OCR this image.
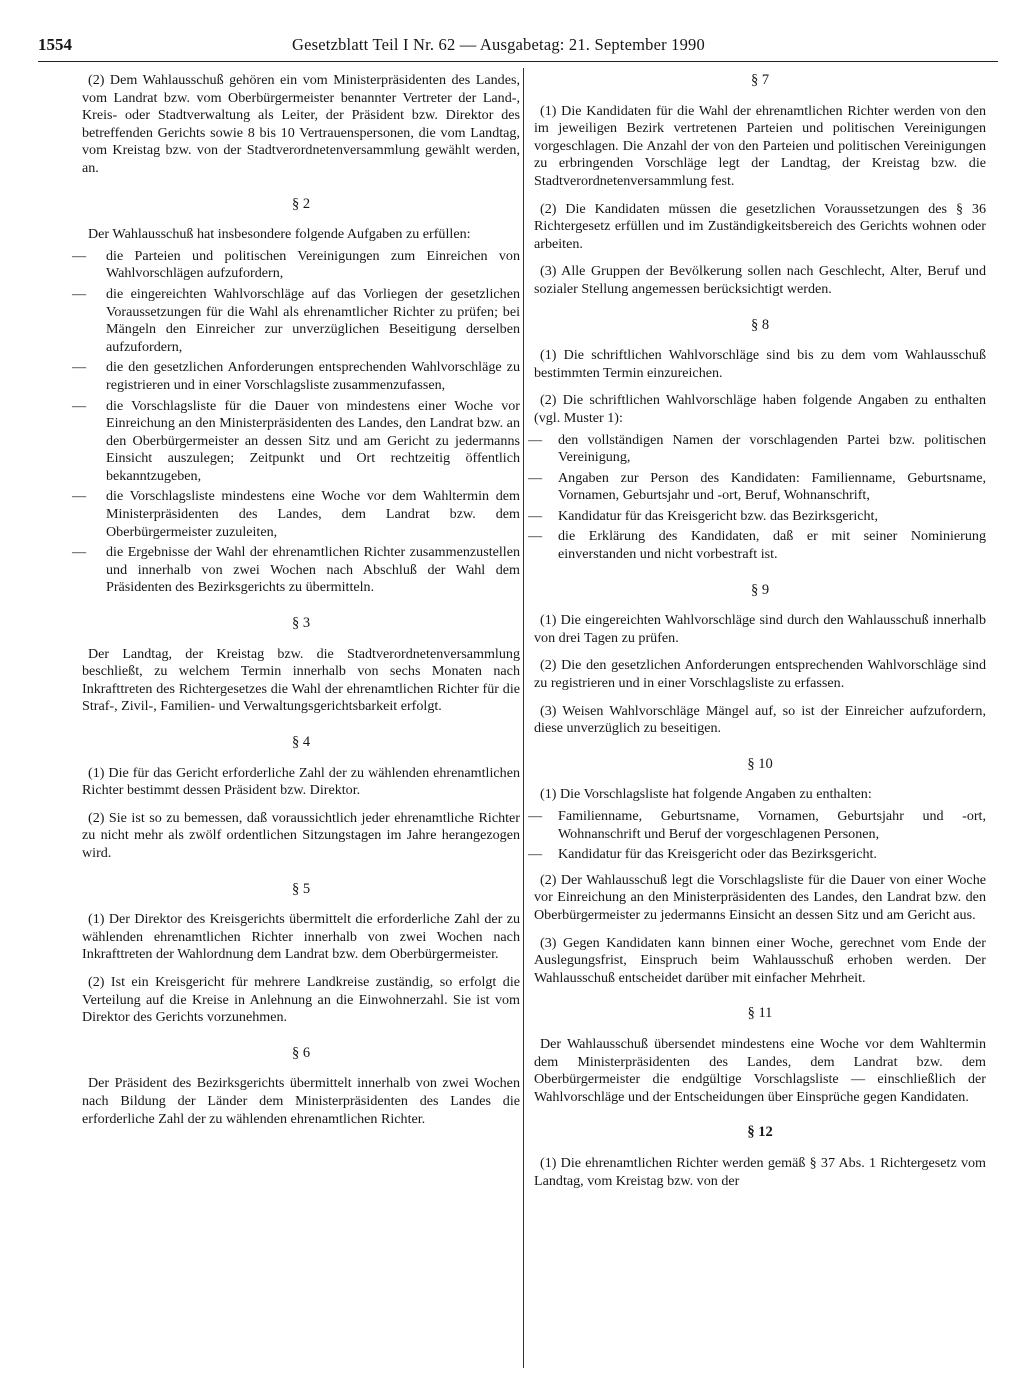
1554	Gesetzblatt Teil I Nr. 62 — Ausgabetag: 21. September 1990

(2) Dem Wahlausschuß gehören ein vom Ministerpräsidenten des Landes, vom Landrat bzw. vom Oberbürgermeister benannter Vertreter der Land-, Kreis- oder Stadtverwaltung als Leiter, der Präsident bzw. Direktor des betreffenden Gerichts sowie 8 bis 10 Vertrauenspersonen, die vom Landtag, vom Kreistag bzw. von der Stadtverordnetenversammlung gewählt werden, an.

§ 2

Der Wahlausschuß hat insbesondere folgende Aufgaben zu erfüllen:

— die Parteien und politischen Vereinigungen zum Einreichen von Wahlvorschlägen aufzufordern,
— die eingereichten Wahlvorschläge auf das Vorliegen der gesetzlichen Voraussetzungen für die Wahl als ehrenamtlicher Richter zu prüfen; bei Mängeln den Einreicher zur unverzüglichen Beseitigung derselben aufzufordern,
— die den gesetzlichen Anforderungen entsprechenden Wahlvorschläge zu registrieren und in einer Vorschlagsliste zusammenzufassen,
— die Vorschlagsliste für die Dauer von mindestens einer Woche vor Einreichung an den Ministerpräsidenten des Landes, den Landrat bzw. an den Oberbürgermeister an dessen Sitz und am Gericht zu jedermanns Einsicht auszulegen; Zeitpunkt und Ort rechtzeitig öffentlich bekanntzugeben,
— die Vorschlagsliste mindestens eine Woche vor dem Wahltermin dem Ministerpräsidenten des Landes, dem Landrat bzw. dem Oberbürgermeister zuzuleiten,
— die Ergebnisse der Wahl der ehrenamtlichen Richter zusammenzustellen und innerhalb von zwei Wochen nach Abschluß der Wahl dem Präsidenten des Bezirksgerichts zu übermitteln.
§ 3

Der Landtag, der Kreistag bzw. die Stadtverordnetenversammlung beschließt, zu welchem Termin innerhalb von sechs Monaten nach Inkrafttreten des Richtergesetzes die Wahl der ehrenamtlichen Richter für die Straf-, Zivil-, Familien- und Verwaltungsgerichtsbarkeit erfolgt.

§ 4

(1) Die für das Gericht erforderliche Zahl der zu wählenden ehrenamtlichen Richter bestimmt dessen Präsident bzw. Direktor.

(2) Sie ist so zu bemessen, daß voraussichtlich jeder ehrenamtliche Richter zu nicht mehr als zwölf ordentlichen Sitzungstagen im Jahre herangezogen wird.

§ 5

(1) Der Direktor des Kreisgerichts übermittelt die erforderliche Zahl der zu wählenden ehrenamtlichen Richter innerhalb von zwei Wochen nach Inkrafttreten der Wahlordnung dem Landrat bzw. dem Oberbürgermeister.

(2) Ist ein Kreisgericht für mehrere Landkreise zuständig, so erfolgt die Verteilung auf die Kreise in Anlehnung an die Einwohnerzahl. Sie ist vom Direktor des Gerichts vorzunehmen.

§ 6

Der Präsident des Bezirksgerichts übermittelt innerhalb von zwei Wochen nach Bildung der Länder dem Ministerpräsidenten des Landes die erforderliche Zahl der zu wählenden ehrenamtlichen Richter.

§ 7

(1) Die Kandidaten für die Wahl der ehrenamtlichen Richter werden von den im jeweiligen Bezirk vertretenen Parteien und politischen Vereinigungen vorgeschlagen. Die Anzahl der von den Parteien und politischen Vereinigungen zu erbringenden Vorschläge legt der Landtag, der Kreistag bzw. die Stadtverordnetenversammlung fest.

(2) Die Kandidaten müssen die gesetzlichen Voraussetzungen des § 36 Richtergesetz erfüllen und im Zuständigkeitsbereich des Gerichts wohnen oder arbeiten.

(3) Alle Gruppen der Bevölkerung sollen nach Geschlecht, Alter, Beruf und sozialer Stellung angemessen berücksichtigt werden.

§ 8

(1) Die schriftlichen Wahlvorschläge sind bis zu dem vom Wahlausschuß bestimmten Termin einzureichen.

(2) Die schriftlichen Wahlvorschläge haben folgende Angaben zu enthalten (vgl. Muster 1):

— den vollständigen Namen der vorschlagenden Partei bzw. politischen Vereinigung,
— Angaben zur Person des Kandidaten: Familienname, Geburtsname, Vornamen, Geburtsjahr und -ort, Beruf, Wohnanschrift,
— Kandidatur für das Kreisgericht bzw. das Bezirksgericht,
— die Erklärung des Kandidaten, daß er mit seiner Nominierung einverstanden und nicht vorbestraft ist.
§ 9

(1) Die eingereichten Wahlvorschläge sind durch den Wahlausschuß innerhalb von drei Tagen zu prüfen.

(2) Die den gesetzlichen Anforderungen entsprechenden Wahlvorschläge sind zu registrieren und in einer Vorschlagsliste zu erfassen.

(3) Weisen Wahlvorschläge Mängel auf, so ist der Einreicher aufzufordern, diese unverzüglich zu beseitigen.

§ 10

(1) Die Vorschlagsliste hat folgende Angaben zu enthalten:

— Familienname, Geburtsname, Vornamen, Geburtsjahr und -ort, Wohnanschrift und Beruf der vorgeschlagenen Personen,
— Kandidatur für das Kreisgericht oder das Bezirksgericht.

(2) Der Wahlausschuß legt die Vorschlagsliste für die Dauer von einer Woche vor Einreichung an den Ministerpräsidenten des Landes, den Landrat bzw. den Oberbürgermeister zu jedermanns Einsicht an dessen Sitz und am Gericht aus.

(3) Gegen Kandidaten kann binnen einer Woche, gerechnet vom Ende der Auslegungsfrist, Einspruch beim Wahlausschuß erhoben werden. Der Wahlausschuß entscheidet darüber mit einfacher Mehrheit.

§ 11

Der Wahlausschuß übersendet mindestens eine Woche vor dem Wahltermin dem Ministerpräsidenten des Landes, dem Landrat bzw. dem Oberbürgermeister die endgültige Vorschlagsliste — einschließlich der Wahlvorschläge und der Entscheidungen über Einsprüche gegen Kandidaten.

§ 12

(1) Die ehrenamtlichen Richter werden gemäß § 37 Abs. 1 Richtergesetz vom Landtag, vom Kreistag bzw. von der
